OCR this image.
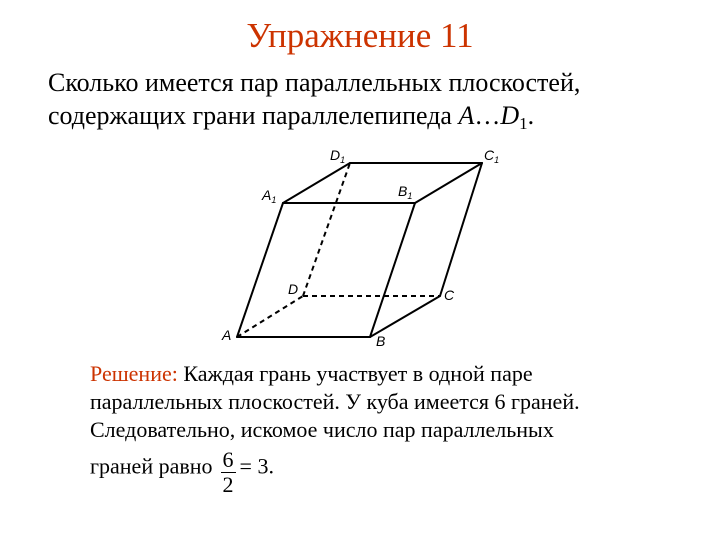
Упражнение 11
Сколько имеется пар параллельных плоскостей,
содержащих грани параллелепипеда $A\dots D_1$.
$D_1$	$C_1$
$A_1$
$B_1$
D	C
A	B
Решение: Каждая грань участвует в одной паре
параллельных плоскостей. У куба имеется 6 граней.
Следовательно, искомое число пар параллельных
граней равно $\frac{6}{2} = 3$.
